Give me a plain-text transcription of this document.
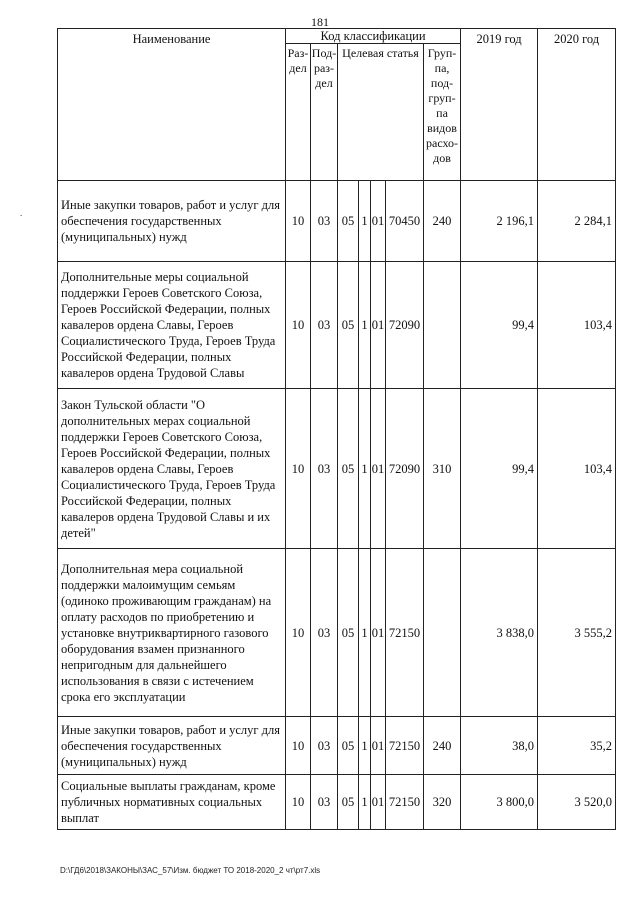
181
.
Наименование	Код классификации							2019 год	2020 год
	Раз-дел	Под-раз-дел	Целевая статья				Груп-па, под-груп-па видов расхо-дов		
Иные закупки товаров, работ и услуг для обеспечения государственных (муниципальных) нужд	10	03	05	1	01	70450	240	2 196,1	2 284,1
Дополнительные меры социальной поддержки Героев Советского Союза, Героев Российской Федерации, полных кавалеров ордена Славы, Героев Социалистического Труда, Героев Труда Российской Федерации, полных кавалеров ордена Трудовой Славы	10	03	05	1	01	72090		99,4	103,4
Закон Тульской области "О дополнительных мерах социальной поддержки Героев Советского Союза, Героев Российской Федерации, полных кавалеров ордена Славы, Героев Социалистического Труда, Героев Труда Российской Федерации, полных кавалеров ордена Трудовой Славы и их детей"	10	03	05	1	01	72090	310	99,4	103,4
Дополнительная мера социальной поддержки малоимущим семьям (одиноко проживающим гражданам) на оплату расходов по приобретению и установке внутриквартирного газового оборудования взамен признанного непригодным для дальнейшего использования в связи с истечением срока его эксплуатации	10	03	05	1	01	72150		3 838,0	3 555,2
Иные закупки товаров, работ и услуг для обеспечения государственных (муниципальных) нужд	10	03	05	1	01	72150	240	38,0	35,2
Социальные выплаты гражданам, кроме публичных нормативных социальных выплат	10	03	05	1	01	72150	320	3 800,0	3 520,0
D:\ГД6\2018\ЗАКОНЫ\ЗАС_57\Изм. бюджет ТО 2018-2020_2 чт\рт7.xls
